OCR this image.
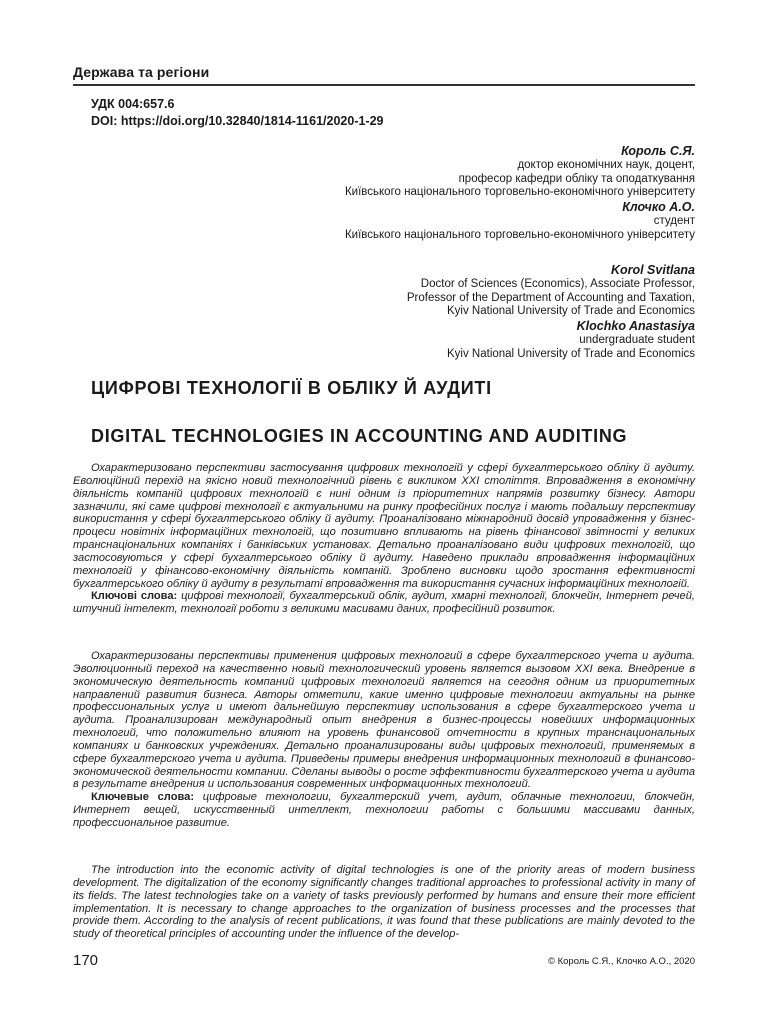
Держава та регіони
УДК 004:657.6
DOI: https://doi.org/10.32840/1814-1161/2020-1-29
Король С.Я.
доктор економічних наук, доцент,
професор кафедри обліку та оподаткування
Київського національного торговельно-економічного університету
Клочко А.О.
студент
Київського національного торговельно-економічного університету
Korol Svitlana
Doctor of Sciences (Economics), Associate Professor,
Professor of the Department of Accounting and Taxation,
Kyiv National University of Trade and Economics
Klochko Anastasiya
undergraduate student
Kyiv National University of Trade and Economics
ЦИФРОВІ ТЕХНОЛОГІЇ В ОБЛІКУ Й АУДИТІ
DIGITAL TECHNOLOGIES IN ACCOUNTING AND AUDITING

Охарактеризовано перспективи застосування цифрових технологій у сфері бухгалтерського обліку й аудиту. Еволюційний перехід на якісно новий технологічний рівень є викликом XXI століття. Впровадження в економічну діяльність компаній цифрових технологій є нині одним із пріоритетних напрямів розвитку бізнесу. Автори зазначили, які саме цифрові технології є актуальними на ринку професійних послуг і мають подальшу перспективу використання у сфері бухгалтерського обліку й аудиту. Проаналізовано міжнародний досвід упровадження у бізнес-процеси новітніх інформаційних технологій, що позитивно впливають на рівень фінансової звітності у великих транснаціональних компаніях і банківських установах. Детально проаналізовано види цифрових технологій, що застосовуються у сфері бухгалтерського обліку й аудиту. Наведено приклади впровадження інформаційних технологій у фінансово-економічну діяльність компаній. Зроблено висновки щодо зростання ефективності бухгалтерського обліку й аудиту в результаті впровадження та використання сучасних інформаційних технологій.

Ключові слова: цифрові технології, бухгалтерський облік, аудит, хмарні технології, блокчейн, Інтернет речей, штучний інтелект, технології роботи з великими масивами даних, професійний розвиток.

Охарактеризованы перспективы применения цифровых технологий в сфере бухгалтерского учета и аудита. Эволюционный переход на качественно новый технологический уровень является вызовом XXI века. Внедрение в экономическую деятельность компаний цифровых технологий является на сегодня одним из приоритетных направлений развития бизнеса. Авторы отметили, какие именно цифровые технологии актуальны на рынке профессиональных услуг и имеют дальнейшую перспективу использования в сфере бухгалтерского учета и аудита. Проанализирован международный опыт внедрения в бизнес-процессы новейших информационных технологий, что положительно влияют на уровень финансовой отчетности в крупных транснациональных компаниях и банковских учреждениях. Детально проанализированы виды цифровых технологий, применяемых в сфере бухгалтерского учета и аудита. Приведены примеры внедрения информационных технологий в финансово-экономической деятельности компании. Сделаны выводы о росте эффективности бухгалтерского учета и аудита в результате внедрения и использования современных информационных технологий.

Ключевые слова: цифровые технологии, бухгалтерский учет, аудит, облачные технологии, блокчейн, Интернет вещей, искусственный интеллект, технологии работы с большими массивами данных, профессиональное развитие.

The introduction into the economic activity of digital technologies is one of the priority areas of modern business development. The digitalization of the economy significantly changes traditional approaches to professional activity in many of its fields. The latest technologies take on a variety of tasks previously performed by humans and ensure their more efficient implementation. It is necessary to change approaches to the organization of business processes and the processes that provide them. According to the analysis of recent publications, it was found that these publications are mainly devoted to the study of theoretical principles of accounting under the influence of the develop-

170	© Король С.Я., Клочко А.О., 2020
